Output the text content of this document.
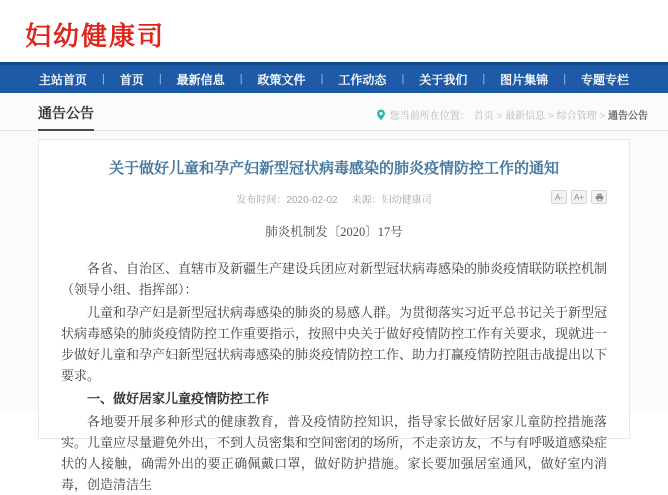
妇幼健康司
主站首页	|	首页	|	最新信息	|	政策文件	|	工作动态	|	关于我们	|	图片集锦	|	专题专栏
通告公告	您当前所在位置： 首页 > 最新信息 > 综合管理 > 通告公告
关于做好儿童和孕产妇新型冠状病毒感染的肺炎疫情防控工作的通知
发布时间：2020-02-02 来源：妇幼健康司	A-	A+
肺炎机制发〔2020〕17号

各省、自治区、直辖市及新疆生产建设兵团应对新型冠状病毒感染的肺炎疫情联防联控机制（领导小组、指挥部）：

儿童和孕产妇是新型冠状病毒感染的肺炎的易感人群。为贯彻落实习近平总书记关于新型冠状病毒感染的肺炎疫情防控工作重要指示，按照中央关于做好疫情防控工作有关要求，现就进一步做好儿童和孕产妇新型冠状病毒感染的肺炎疫情防控工作、助力打赢疫情防控阻击战提出以下要求。

一、做好居家儿童疫情防控工作

各地要开展多种形式的健康教育，普及疫情防控知识，指导家长做好居家儿童防控措施落实。儿童应尽量避免外出，不到人员密集和空间密闭的场所，不走亲访友，不与有呼吸道感染症状的人接触，确需外出的要正确佩戴口罩，做好防护措施。家长要加强居室通风，做好室内消毒，创造清洁生
